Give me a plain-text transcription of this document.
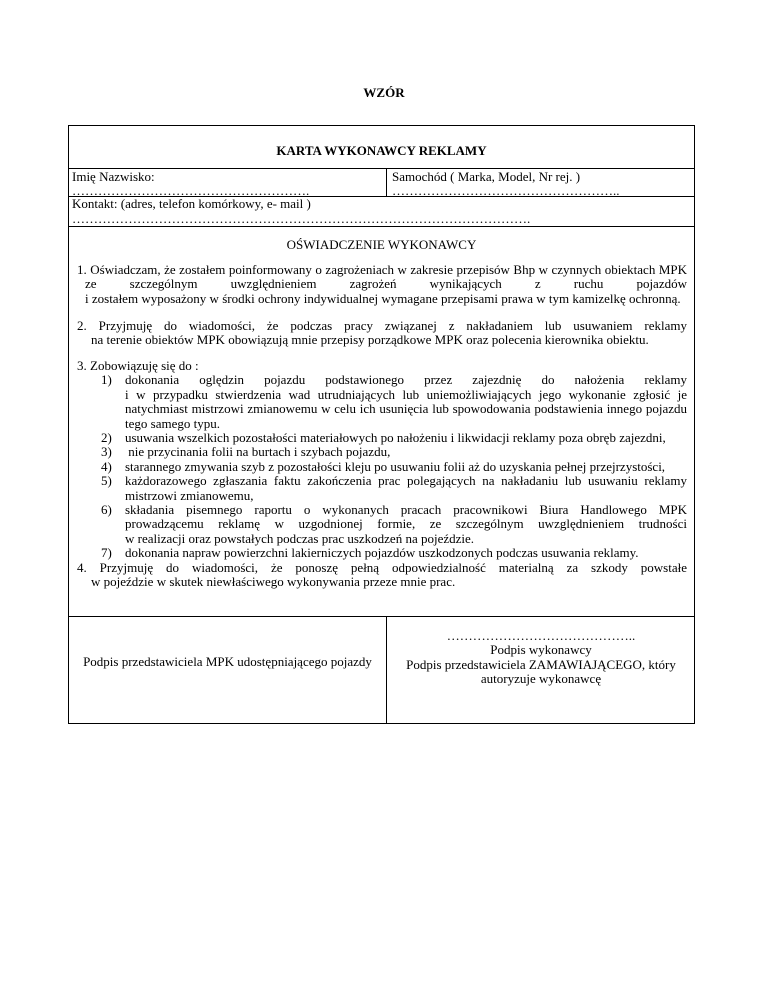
WZÓR
KARTA WYKONAWCY REKLAMY
Imię Nazwisko:
……………………………………………….
Samochód ( Marka, Model, Nr rej. )
……………………………………………..
Kontakt: (adres, telefon komórkowy, e- mail )
…………………………………………………………………………………………….
OŚWIADCZENIE WYKONAWCY
1. Oświadczam, że zostałem poinformowany o zagrożeniach w zakresie przepisów Bhp w czynnych obiektach MPK
ze szczególnym uwzględnieniem zagrożeń wynikających z ruchu pojazdów
i zostałem wyposażony w środki ochrony indywidualnej wymagane przepisami prawa w tym kamizelkę ochronną.
2. Przyjmuję do wiadomości, że podczas pracy związanej z nakładaniem lub usuwaniem reklamy
na terenie obiektów MPK obowiązują mnie przepisy porządkowe MPK oraz polecenia kierownika obiektu.
3. Zobowiązuję się do :
1) dokonania oględzin pojazdu podstawionego przez zajezdnię do nałożenia reklamy
i w przypadku stwierdzenia wad utrudniających lub uniemożliwiających jego wykonanie zgłosić je
natychmiast mistrzowi zmianowemu w celu ich usunięcia lub spowodowania podstawienia innego pojazdu
tego samego typu.
2) usuwania wszelkich pozostałości materiałowych po nałożeniu i likwidacji reklamy poza obręb zajezdni,
3) nie przycinania folii na burtach i szybach pojazdu,
4) starannego zmywania szyb z pozostałości kleju po usuwaniu folii aż do uzyskania pełnej przejrzystości,
5) każdorazowego zgłaszania faktu zakończenia prac polegających na nakładaniu lub usuwaniu reklamy
mistrzowi zmianowemu,
6) składania pisemnego raportu o wykonanych pracach pracownikowi Biura Handlowego MPK
prowadzącemu reklamę w uzgodnionej formie, ze szczególnym uwzględnieniem trudności
w realizacji oraz powstałych podczas prac uszkodzeń na pojeździe.
7) dokonania napraw powierzchni lakierniczych pojazdów uszkodzonych podczas usuwania reklamy.
4. Przyjmuję do wiadomości, że ponoszę pełną odpowiedzialność materialną za szkody powstałe
w pojeździe w skutek niewłaściwego wykonywania przeze mnie prac.
Podpis przedstawiciela MPK udostępniającego pojazdy
……………………………………..
Podpis wykonawcy
Podpis przedstawiciela ZAMAWIAJĄCEGO, który
autoryzuje wykonawcę
